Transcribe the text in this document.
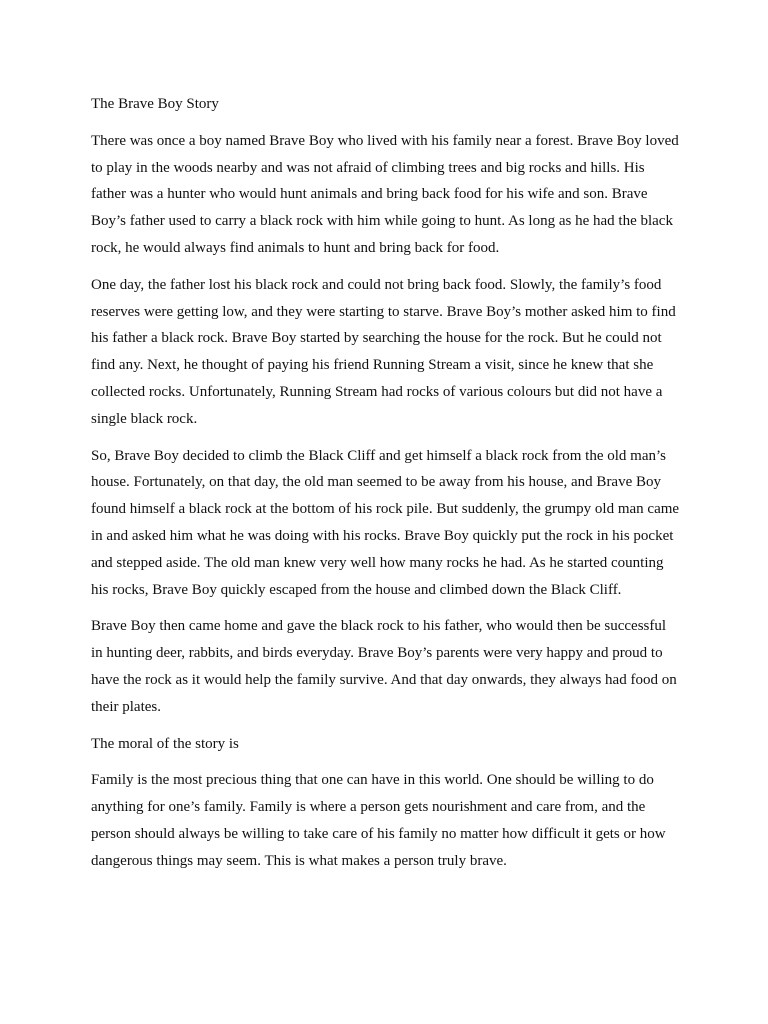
The Brave Boy Story

There was once a boy named Brave Boy who lived with his family near a forest. Brave Boy loved to play in the woods nearby and was not afraid of climbing trees and big rocks and hills. His father was a hunter who would hunt animals and bring back food for his wife and son. Brave Boy’s father used to carry a black rock with him while going to hunt. As long as he had the black rock, he would always find animals to hunt and bring back for food.

One day, the father lost his black rock and could not bring back food. Slowly, the family’s food reserves were getting low, and they were starting to starve. Brave Boy’s mother asked him to find his father a black rock. Brave Boy started by searching the house for the rock. But he could not find any. Next, he thought of paying his friend Running Stream a visit, since he knew that she collected rocks. Unfortunately, Running Stream had rocks of various colours but did not have a single black rock.

So, Brave Boy decided to climb the Black Cliff and get himself a black rock from the old man’s house. Fortunately, on that day, the old man seemed to be away from his house, and Brave Boy found himself a black rock at the bottom of his rock pile. But suddenly, the grumpy old man came in and asked him what he was doing with his rocks. Brave Boy quickly put the rock in his pocket and stepped aside. The old man knew very well how many rocks he had. As he started counting his rocks, Brave Boy quickly escaped from the house and climbed down the Black Cliff.

Brave Boy then came home and gave the black rock to his father, who would then be successful in hunting deer, rabbits, and birds everyday. Brave Boy’s parents were very happy and proud to have the rock as it would help the family survive. And that day onwards, they always had food on their plates.

The moral of the story is

Family is the most precious thing that one can have in this world. One should be willing to do anything for one’s family. Family is where a person gets nourishment and care from, and the person should always be willing to take care of his family no matter how difficult it gets or how dangerous things may seem. This is what makes a person truly brave.
